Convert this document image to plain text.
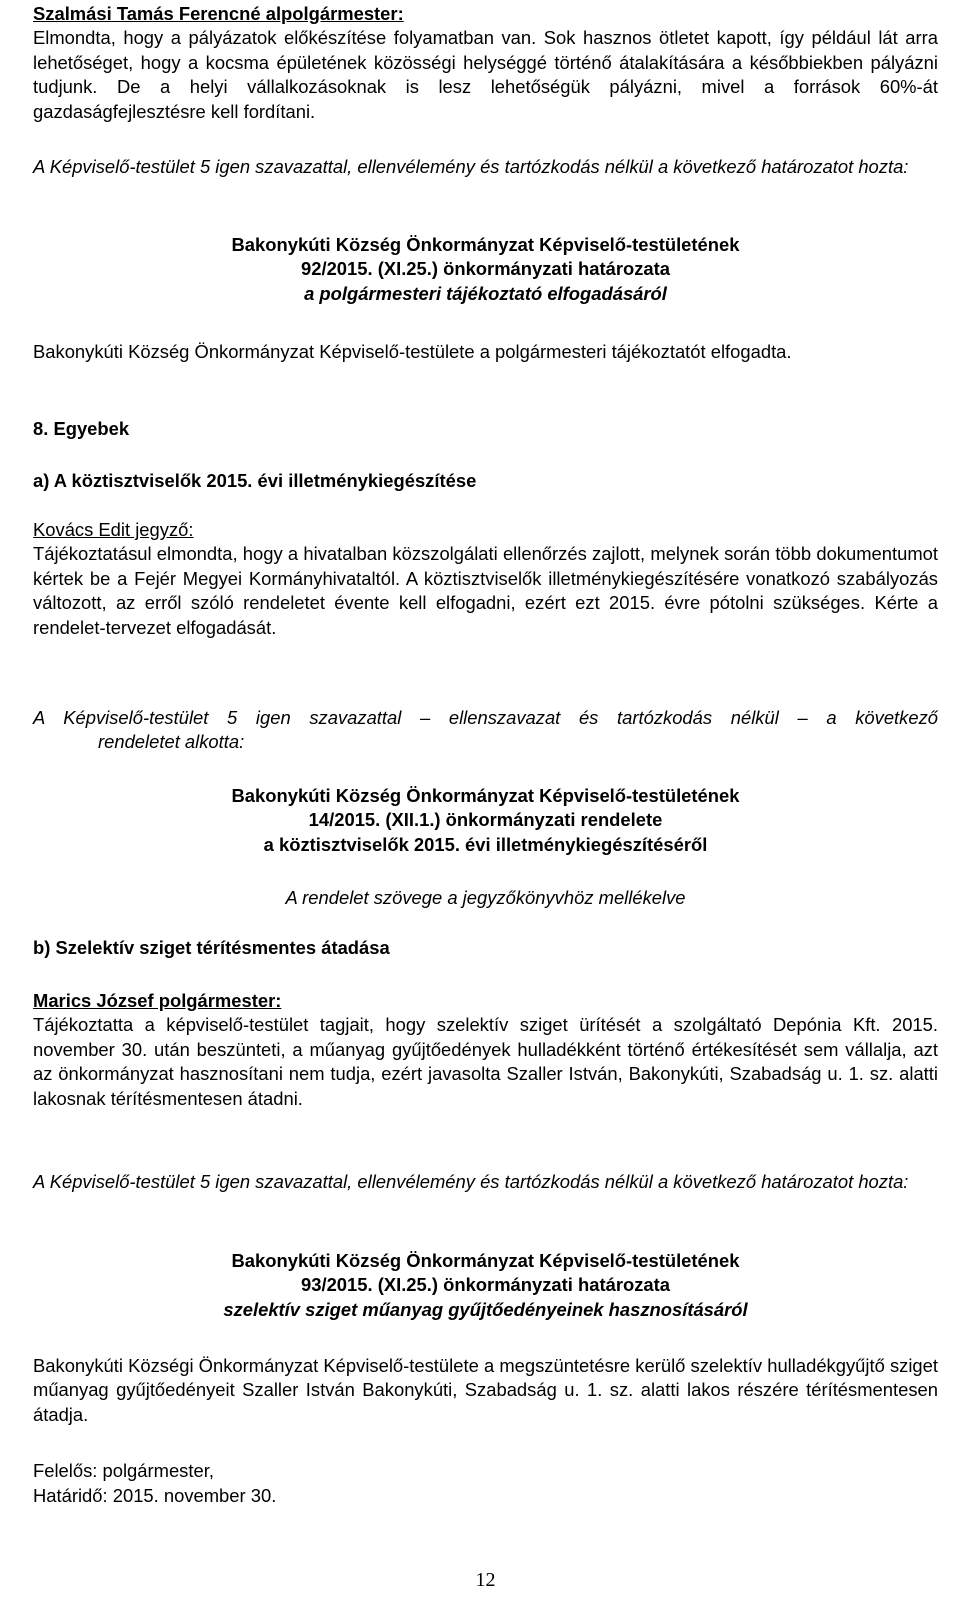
Szalmási Tamás Ferencné alpolgármester:
Elmondta, hogy a pályázatok előkészítése folyamatban van. Sok hasznos ötletet kapott, így például lát arra lehetőséget, hogy a kocsma épületének közösségi helységgé történő átalakítására a későbbiekben pályázni tudjunk. De a helyi vállalkozásoknak is lesz lehetőségük pályázni, mivel a források 60%-át gazdaságfejlesztésre kell fordítani.
A Képviselő-testület 5 igen szavazattal, ellenvélemény és tartózkodás nélkül a következő határozatot hozta:
Bakonykúti Község Önkormányzat Képviselő-testületének
92/2015. (XI.25.) önkormányzati határozata
a polgármesteri tájékoztató elfogadásáról
Bakonykúti Község Önkormányzat Képviselő-testülete a polgármesteri tájékoztatót elfogadta.
8. Egyebek
a) A köztisztviselők 2015. évi illetménykiegészítése
Kovács Edit jegyző:
Tájékoztatásul elmondta, hogy a hivatalban közszolgálati ellenőrzés zajlott, melynek során több dokumentumot kértek be a Fejér Megyei Kormányhivataltól. A köztisztviselők illetménykiegészítésére vonatkozó szabályozás változott, az erről szóló rendeletet évente kell elfogadni, ezért ezt 2015. évre pótolni szükséges. Kérte a rendelet-tervezet elfogadását.
A Képviselő-testület 5 igen szavazattal – ellenszavazat és tartózkodás nélkül – a következő
rendeletet alkotta:
Bakonykúti Község Önkormányzat Képviselő-testületének
14/2015. (XII.1.) önkormányzati rendelete
a köztisztviselők 2015. évi illetménykiegészítéséről
A rendelet szövege a jegyzőkönyvhöz mellékelve
b) Szelektív sziget térítésmentes átadása
Marics József polgármester:
Tájékoztatta a képviselő-testület tagjait, hogy szelektív sziget ürítését a szolgáltató Depónia Kft. 2015. november 30. után beszünteti, a műanyag gyűjtőedények hulladékként történő értékesítését sem vállalja, azt az önkormányzat hasznosítani nem tudja, ezért javasolta Szaller István, Bakonykúti, Szabadság u. 1. sz. alatti lakosnak térítésmentesen átadni.
A Képviselő-testület 5 igen szavazattal, ellenvélemény és tartózkodás nélkül a következő határozatot hozta:
Bakonykúti Község Önkormányzat Képviselő-testületének
93/2015. (XI.25.) önkormányzati határozata
szelektív sziget műanyag gyűjtőedényeinek hasznosításáról
Bakonykúti Községi Önkormányzat Képviselő-testülete a megszüntetésre kerülő szelektív hulladékgyűjtő sziget műanyag gyűjtőedényeit Szaller István Bakonykúti, Szabadság u. 1. sz. alatti lakos részére térítésmentesen átadja.
Felelős: polgármester,
Határidő: 2015. november 30.
12
